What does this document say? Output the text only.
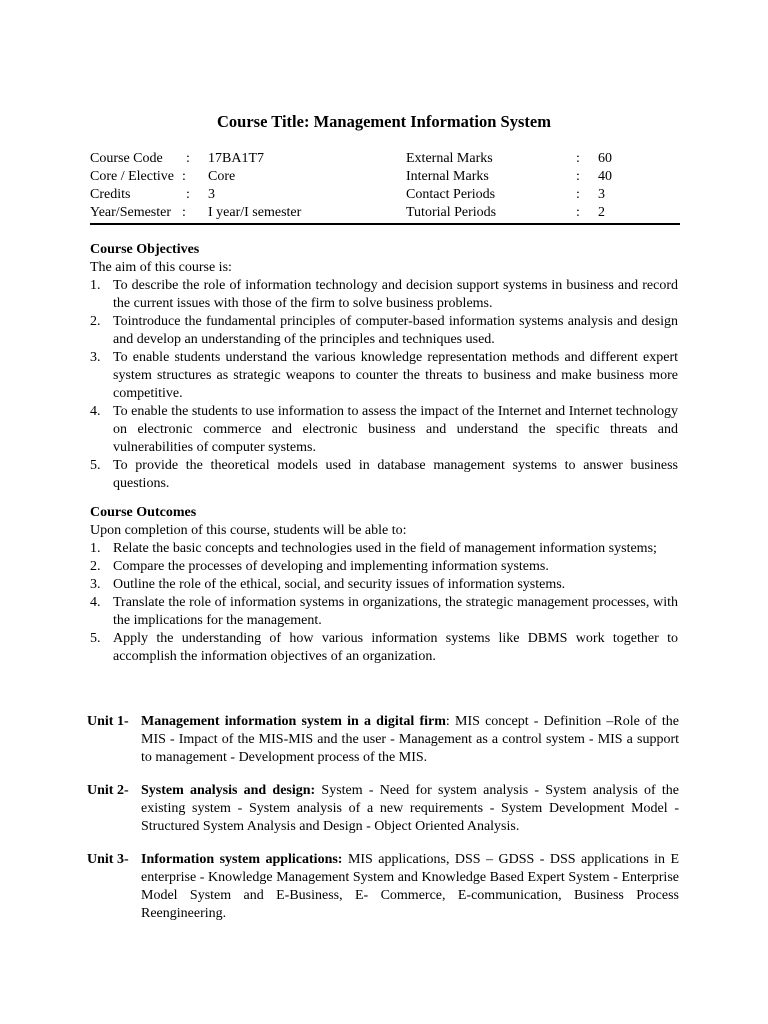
Course Title: Management Information System
Course Code : 17BA1T7	External Marks	: 60
Core / Elective : Core	Internal Marks	: 40
Credits	: 3	Contact Periods	: 3
Year/Semester : I year/I semester	Tutorial Periods	: 2
Course Objectives
The aim of this course is:
1. To describe the role of information technology and decision support systems in business and record the current issues with those of the firm to solve business problems.
2. Tointroduce the fundamental principles of computer-based information systems analysis and design and develop an understanding of the principles and techniques used.
3. To enable students understand the various knowledge representation methods and different expert system structures as strategic weapons to counter the threats to business and make business more competitive.
4. To enable the students to use information to assess the impact of the Internet and Internet technology on electronic commerce and electronic business and understand the specific threats and vulnerabilities of computer systems.
5. To provide the theoretical models used in database management systems to answer business questions.
Course Outcomes
Upon completion of this course, students will be able to:
1. Relate the basic concepts and technologies used in the field of management information systems;
2. Compare the processes of developing and implementing information systems.
3. Outline the role of the ethical, social, and security issues of information systems.
4. Translate the role of information systems in organizations, the strategic management processes, with the implications for the management.
5. Apply the understanding of how various information systems like DBMS work together to accomplish the information objectives of an organization.
Unit 1- Management information system in a digital firm: MIS concept - Definition –Role of the MIS - Impact of the MIS-MIS and the user - Management as a control system - MIS a support to management - Development process of the MIS.
Unit 2- System analysis and design: System - Need for system analysis - System analysis of the existing system - System analysis of a new requirements - System Development Model - Structured System Analysis and Design - Object Oriented Analysis.
Unit 3- Information system applications: MIS applications, DSS – GDSS - DSS applications in E enterprise - Knowledge Management System and Knowledge Based Expert System - Enterprise Model System and E-Business, E- Commerce, E-communication, Business Process Reengineering.
